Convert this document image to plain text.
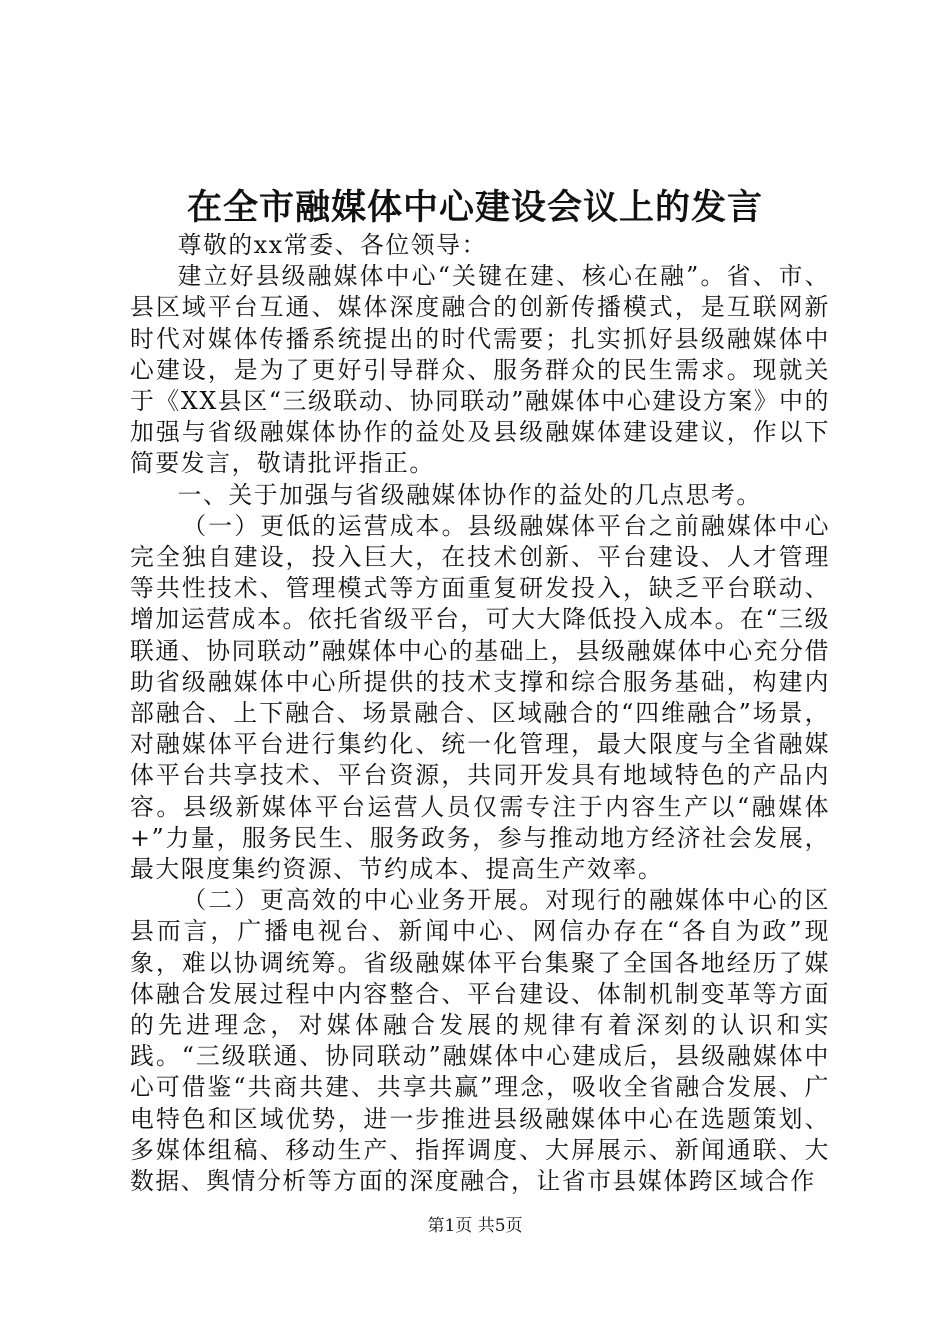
在全市融媒体中心建设会议上的发言

尊敬的xx常委、各位领导：

建立好县级融媒体中心“关键在建、核心在融”。省、市、县区域平台互通、媒体深度融合的创新传播模式，是互联网新时代对媒体传播系统提出的时代需要；扎实抓好县级融媒体中心建设，是为了更好引导群众、服务群众的民生需求。现就关于《XX县区“三级联动、协同联动”融媒体中心建设方案》中的加强与省级融媒体协作的益处及县级融媒体建设建议，作以下简要发言，敬请批评指正。

一、关于加强与省级融媒体协作的益处的几点思考。

（一）更低的运营成本。县级融媒体平台之前融媒体中心完全独自建设，投入巨大，在技术创新、平台建设、人才管理等共性技术、管理模式等方面重复研发投入，缺乏平台联动、增加运营成本。依托省级平台，可大大降低投入成本。在“三级联通、协同联动”融媒体中心的基础上，县级融媒体中心充分借助省级融媒体中心所提供的技术支撑和综合服务基础，构建内部融合、上下融合、场景融合、区域融合的“四维融合”场景，对融媒体平台进行集约化、统一化管理，最大限度与全省融媒体平台共享技术、平台资源，共同开发具有地域特色的产品内容。县级新媒体平台运营人员仅需专注于内容生产以“融媒体+”力量，服务民生、服务政务，参与推动地方经济社会发展，最大限度集约资源、节约成本、提高生产效率。

（二）更高效的中心业务开展。对现行的融媒体中心的区县而言，广播电视台、新闻中心、网信办存在“各自为政”现象，难以协调统筹。省级融媒体平台集聚了全国各地经历了媒体融合发展过程中内容整合、平台建设、体制机制变革等方面的先进理念，对媒体融合发展的规律有着深刻的认识和实践。“三级联通、协同联动”融媒体中心建成后，县级融媒体中心可借鉴“共商共建、共享共赢”理念，吸收全省融合发展、广电特色和区域优势，进一步推进县级融媒体中心在选题策划、多媒体组稿、移动生产、指挥调度、大屏展示、新闻通联、大数据、舆情分析等方面的深度融合，让省市县媒体跨区域合作

第1页 共5页
